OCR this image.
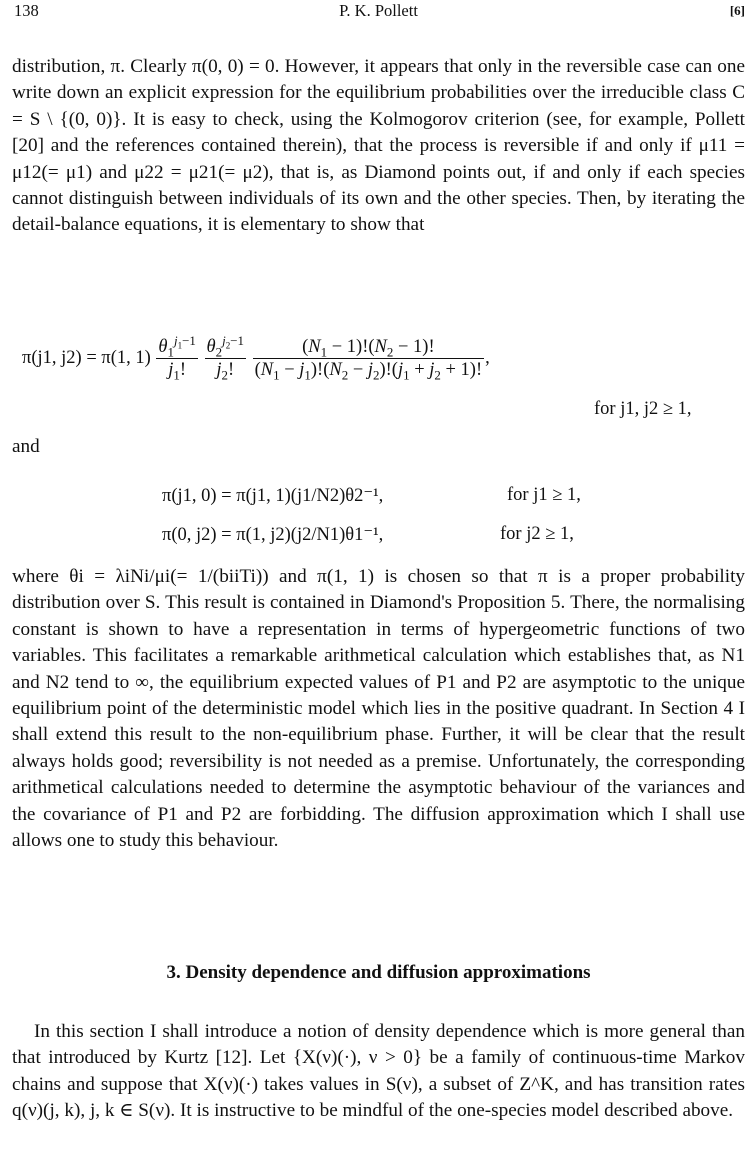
138	P. K. Pollett	[6]

distribution, π. Clearly π(0, 0) = 0. However, it appears that only in the reversible case can one write down an explicit expression for the equilibrium probabilities over the irreducible class C = S \ {(0, 0)}. It is easy to check, using the Kolmogorov criterion (see, for example, Pollett [20] and the references contained therein), that the process is reversible if and only if μ11 = μ12(= μ1) and μ22 = μ21(= μ2), that is, as Diamond points out, if and only if each species cannot distinguish between individuals of its own and the other species. Then, by iterating the detail-balance equations, it is elementary to show that

π(j1, j2) = π(1, $1) \frac{\theta_1^{j_1-1}}{j_1!}$
$\frac{\theta_2^{j_2-1}}{j_2!}$
$\frac{(N_1 - 1)!(N_2 - 1)!}{(N_1 - j_1)!(N_2 - j_2)!(j_1 + j_2 + 1)!}$ ,
for j1, j2 ≥ 1,
and
π(j1, 0) = π(j1, 1)(j1/N2)θ2⁻¹,	for j1 ≥ 1,
π(0, j2) = π(1, j2)(j2/N1)θ1⁻¹,	for j2 ≥ 1,

where θi = λiNi/μi(= 1/(biiTi)) and π(1, 1) is chosen so that π is a proper probability distribution over S. This result is contained in Diamond's Proposition 5. There, the normalising constant is shown to have a representation in terms of hypergeometric functions of two variables. This facilitates a remarkable arithmetical calculation which establishes that, as N1 and N2 tend to ∞, the equilibrium expected values of P1 and P2 are asymptotic to the unique equilibrium point of the deterministic model which lies in the positive quadrant. In Section 4 I shall extend this result to the non-equilibrium phase. Further, it will be clear that the result always holds good; reversibility is not needed as a premise. Unfortunately, the corresponding arithmetical calculations needed to determine the asymptotic behaviour of the variances and the covariance of P1 and P2 are forbidding. The diffusion approximation which I shall use allows one to study this behaviour.

3. Density dependence and diffusion approximations

In this section I shall introduce a notion of density dependence which is more general than that introduced by Kurtz [12]. Let {X(ν)(·), ν > 0} be a family of continuous-time Markov chains and suppose that X(ν)(·) takes values in S(ν), a subset of Z^K, and has transition rates q(ν)(j, k), j, k ∈ S(ν). It is instructive to be mindful of the one-species model described above.
